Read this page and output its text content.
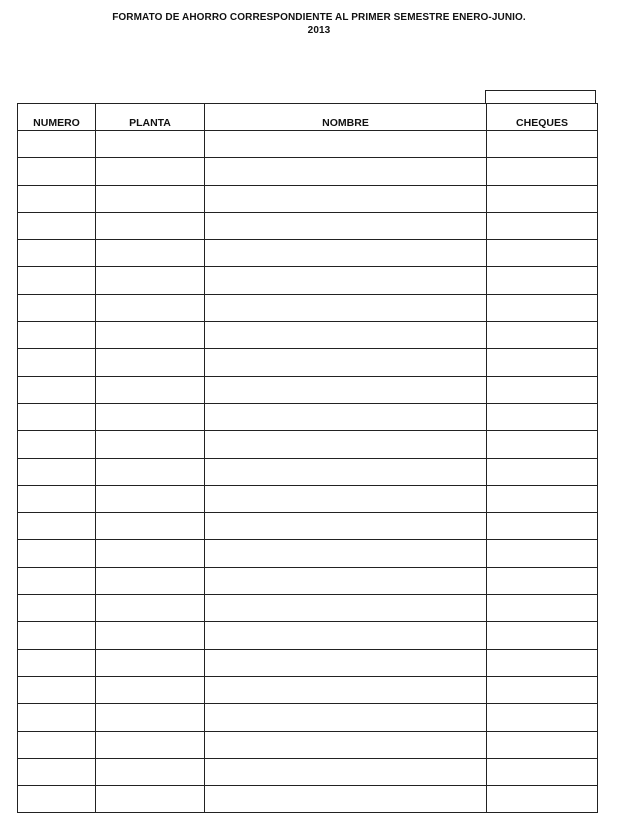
FORMATO DE AHORRO CORRESPONDIENTE AL PRIMER SEMESTRE ENERO-JUNIO.
2013
NUMERO	PLANTA	NOMBRE	CHEQUES
